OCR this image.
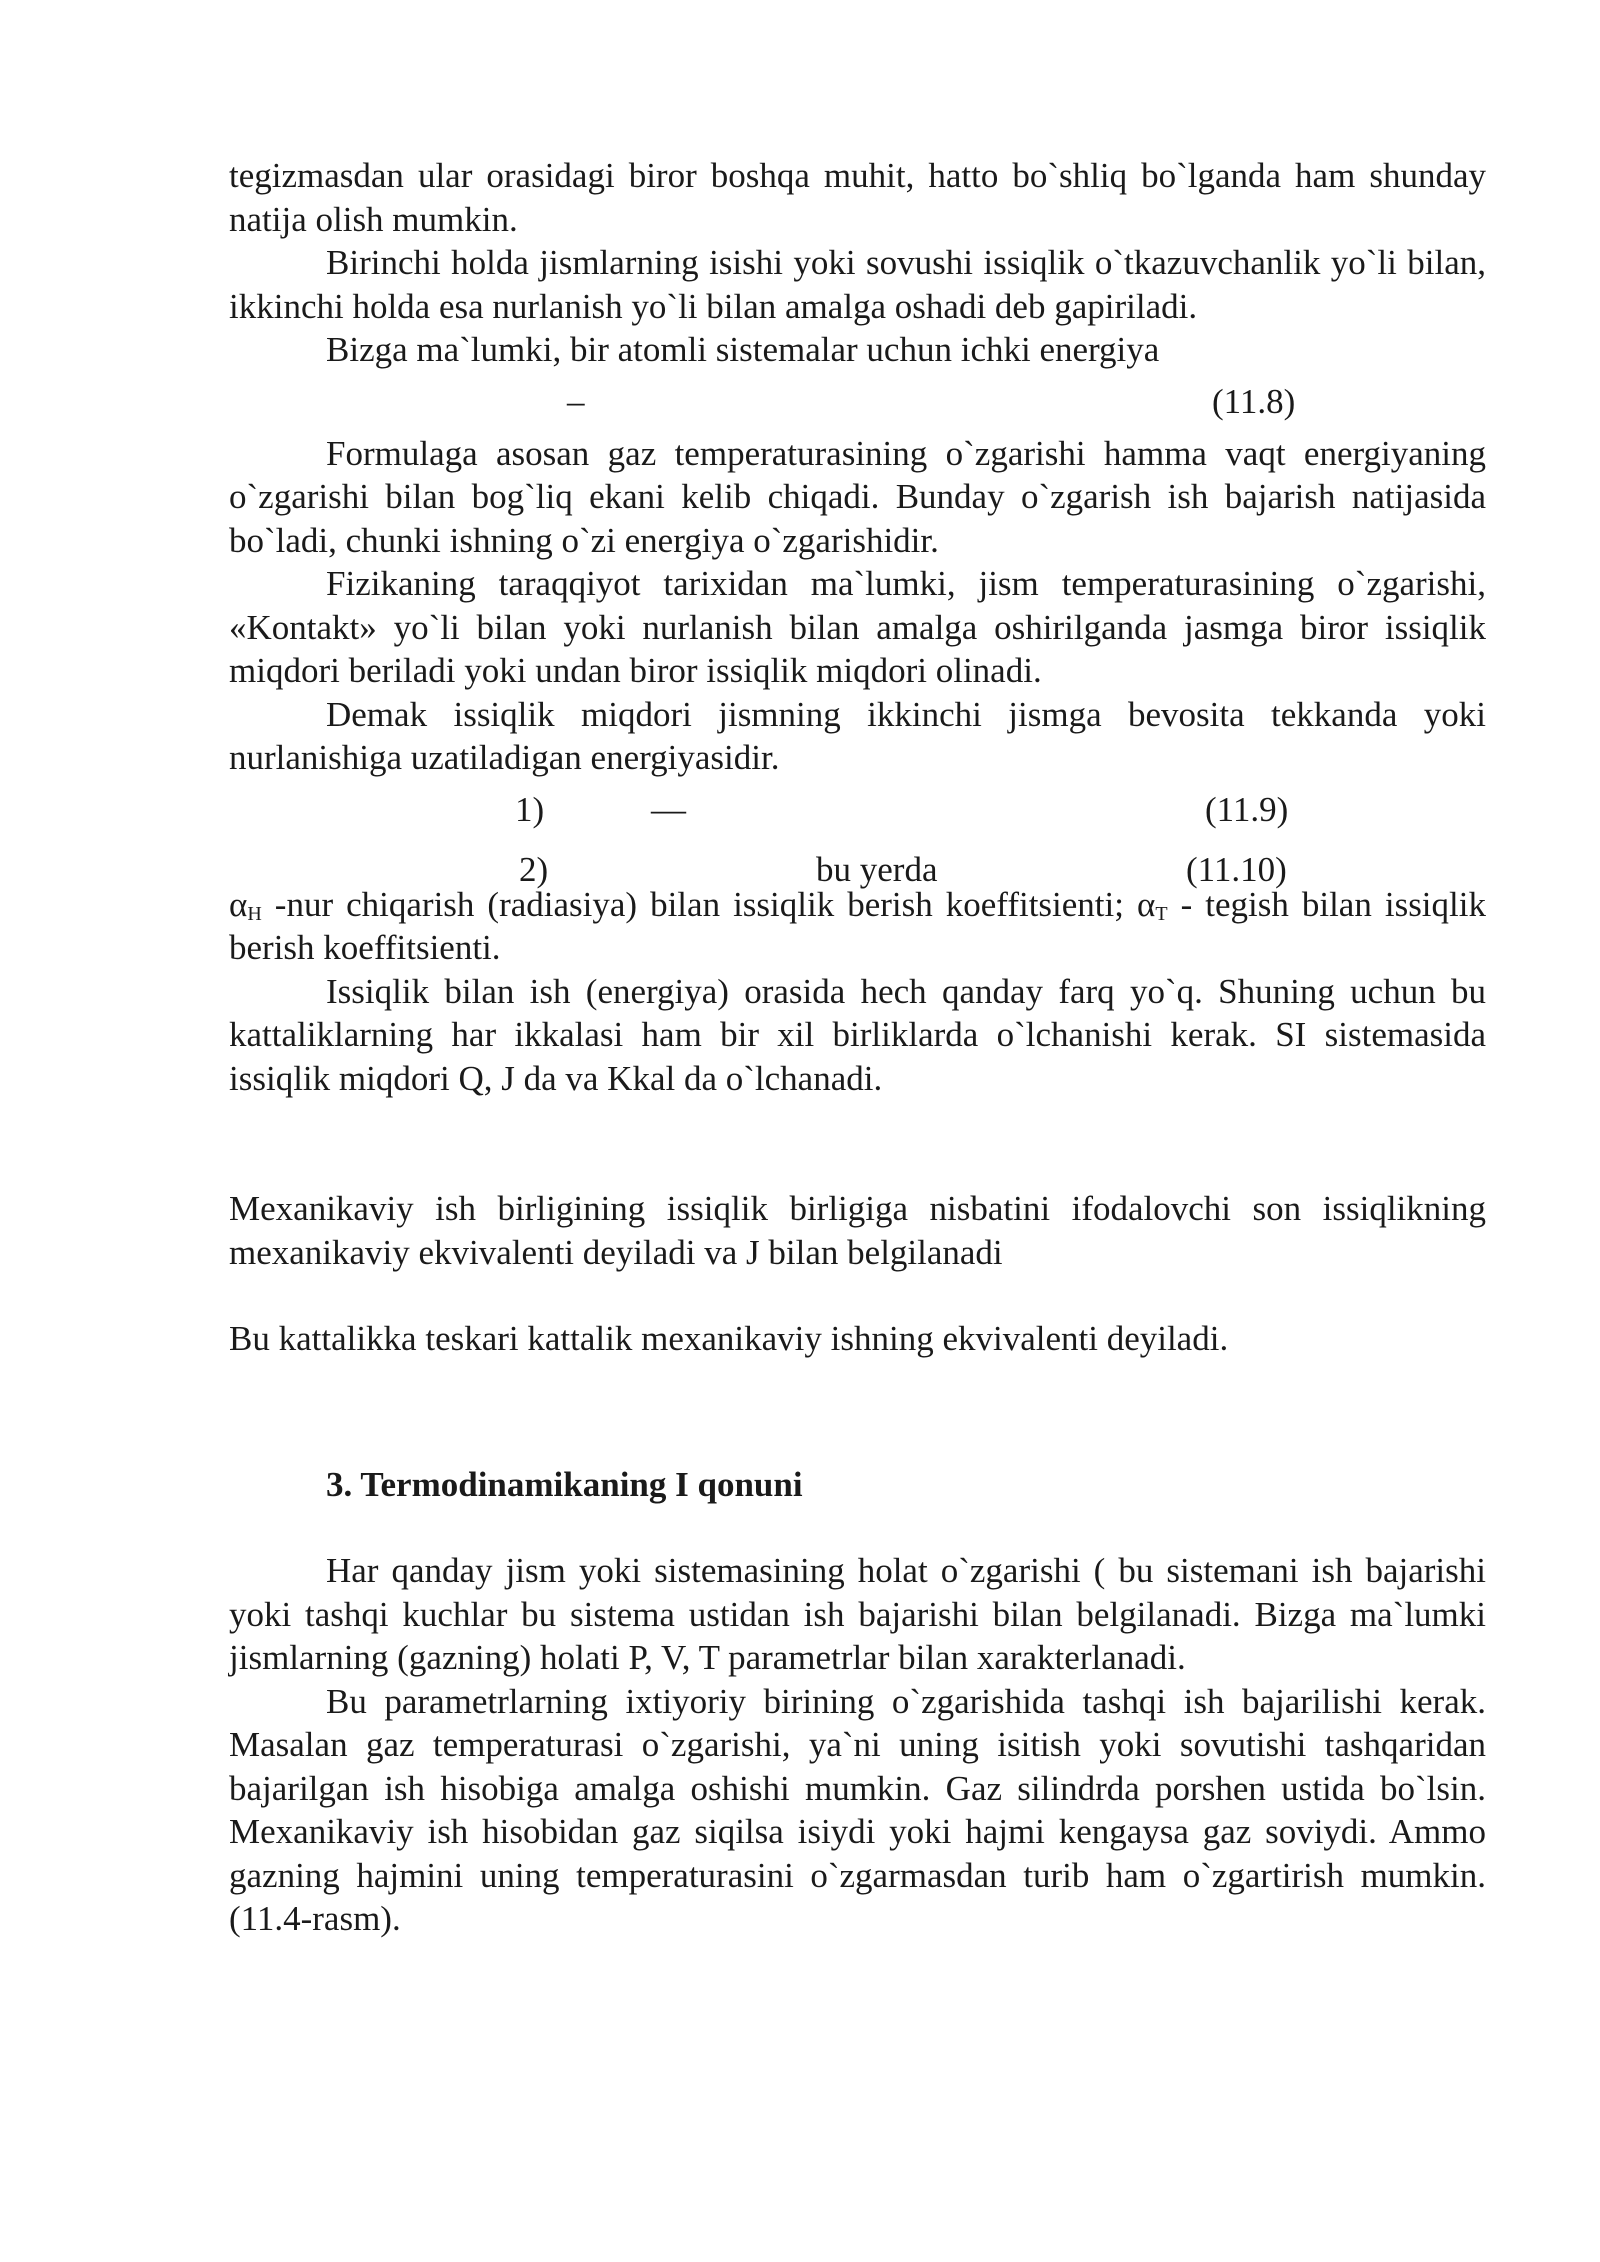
tegizmasdan ular orasidagi biror boshqa muhit, hatto bo`shliq bo`lganda ham shunday natija olish mumkin.

Birinchi holda jismlarning isishi yoki sovushi issiqlik o`tkazuvchanlik yo`li bilan, ikkinchi holda esa nurlanish yo`li bilan amalga oshadi deb gapiriladi.

Bizga ma`lumki, bir atomli sistemalar uchun ichki energiya

–	(11.8)

Formulaga asosan gaz temperaturasining o`zgarishi hamma vaqt energiyaning o`zgarishi bilan bog`liq ekani kelib chiqadi. Bunday o`zgarish ish bajarish natijasida bo`ladi, chunki ishning o`zi energiya o`zgarishidir.

Fizikaning taraqqiyot tarixidan ma`lumki, jism temperaturasining o`zgarishi, «Kontakt» yo`li bilan yoki nurlanish bilan amalga oshirilganda jasmga biror issiqlik miqdori beriladi yoki undan biror issiqlik miqdori olinadi.

Demak issiqlik miqdori jismning ikkinchi jismga bevosita tekkanda yoki nurlanishiga uzatiladigan energiyasidir.

1)	—	(11.9)
2)	bu yerda	(11.10)

$\alpha_Н$ -nur chiqarish (radiasiya) bilan issiqlik berish koeffitsienti; $\alpha_Т$ - tegish bilan issiqlik berish koeffitsienti.

Issiqlik bilan ish (energiya) orasida hech qanday farq yo`q. Shuning uchun bu kattaliklarning har ikkalasi ham bir xil birliklarda o`lchanishi kerak. SI sistemasida issiqlik miqdori Q, J da va Kkal da o`lchanadi.

Mexanikaviy ish birligining issiqlik birligiga nisbatini ifodalovchi son issiqlikning mexanikaviy ekvivalenti deyiladi va J bilan belgilanadi

Bu kattalikka teskari kattalik mexanikaviy ishning ekvivalenti deyiladi.

3. Termodinamikaning I qonuni

Har qanday jism yoki sistemasining holat o`zgarishi ( bu sistemani ish bajarishi yoki tashqi kuchlar bu sistema ustidan ish bajarishi bilan belgilanadi. Bizga ma`lumki jismlarning (gazning) holati P, V, T parametrlar bilan xarakterlanadi.

Bu parametrlarning ixtiyoriy birining o`zgarishida tashqi ish bajarilishi kerak. Masalan gaz temperaturasi o`zgarishi, ya`ni uning isitish yoki sovutishi tashqaridan bajarilgan ish hisobiga amalga oshishi mumkin. Gaz silindrda porshen ustida bo`lsin. Mexanikaviy ish hisobidan gaz siqilsa isiydi yoki hajmi kengaysa gaz soviydi. Ammo gazning hajmini uning temperaturasini o`zgarmasdan turib ham o`zgartirish mumkin.(11.4-rasm).
